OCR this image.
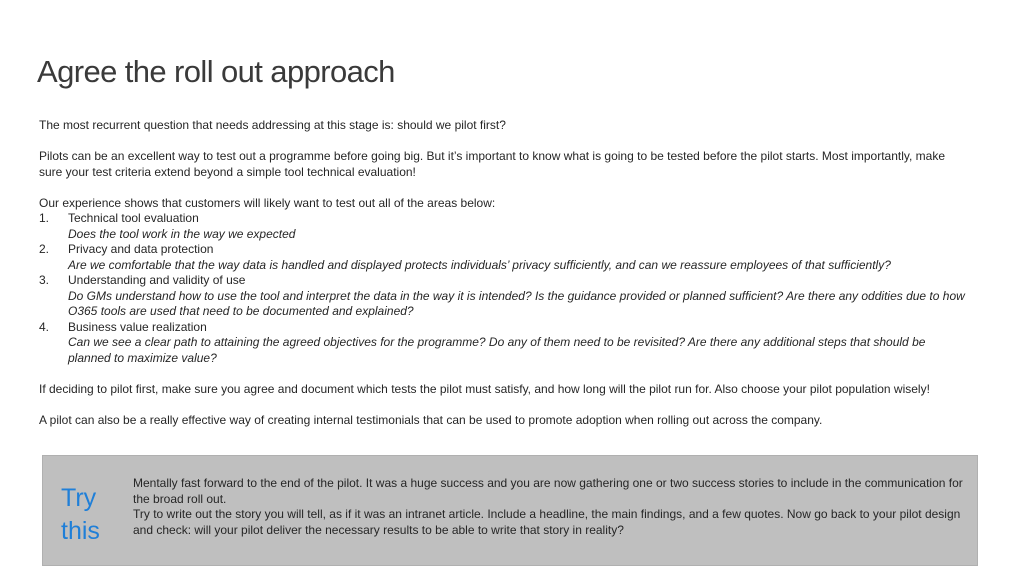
Agree the roll out approach

The most recurrent question that needs addressing at this stage is: should we pilot first?

Pilots can be an excellent way to test out a programme before going big. But it’s important to know what is going to be tested before the pilot starts. Most importantly, make sure your test criteria extend beyond a simple tool technical evaluation!

Our experience shows that customers will likely want to test out all of the areas below:
1. Technical tool evaluation
Does the tool work in the way we expected
2. Privacy and data protection
Are we comfortable that the way data is handled and displayed protects individuals’ privacy sufficiently, and can we reassure employees of that sufficiently?
3. Understanding and validity of use
Do GMs understand how to use the tool and interpret the data in the way it is intended? Is the guidance provided or planned sufficient? Are there any oddities due to how O365 tools are used that need to be documented and explained?
4. Business value realization
Can we see a clear path to attaining the agreed objectives for the programme? Do any of them need to be revisited? Are there any additional steps that should be planned to maximize value?

If deciding to pilot first, make sure you agree and document which tests the pilot must satisfy, and how long will the pilot run for. Also choose your pilot population wisely!

A pilot can also be a really effective way of creating internal testimonials that can be used to promote adoption when rolling out across the company.

Try this
Mentally fast forward to the end of the pilot. It was a huge success and you are now gathering one or two success stories to include in the communication for the broad roll out.
Try to write out the story you will tell, as if it was an intranet article. Include a headline, the main findings, and a few quotes. Now go back to your pilot design and check: will your pilot deliver the necessary results to be able to write that story in reality?
